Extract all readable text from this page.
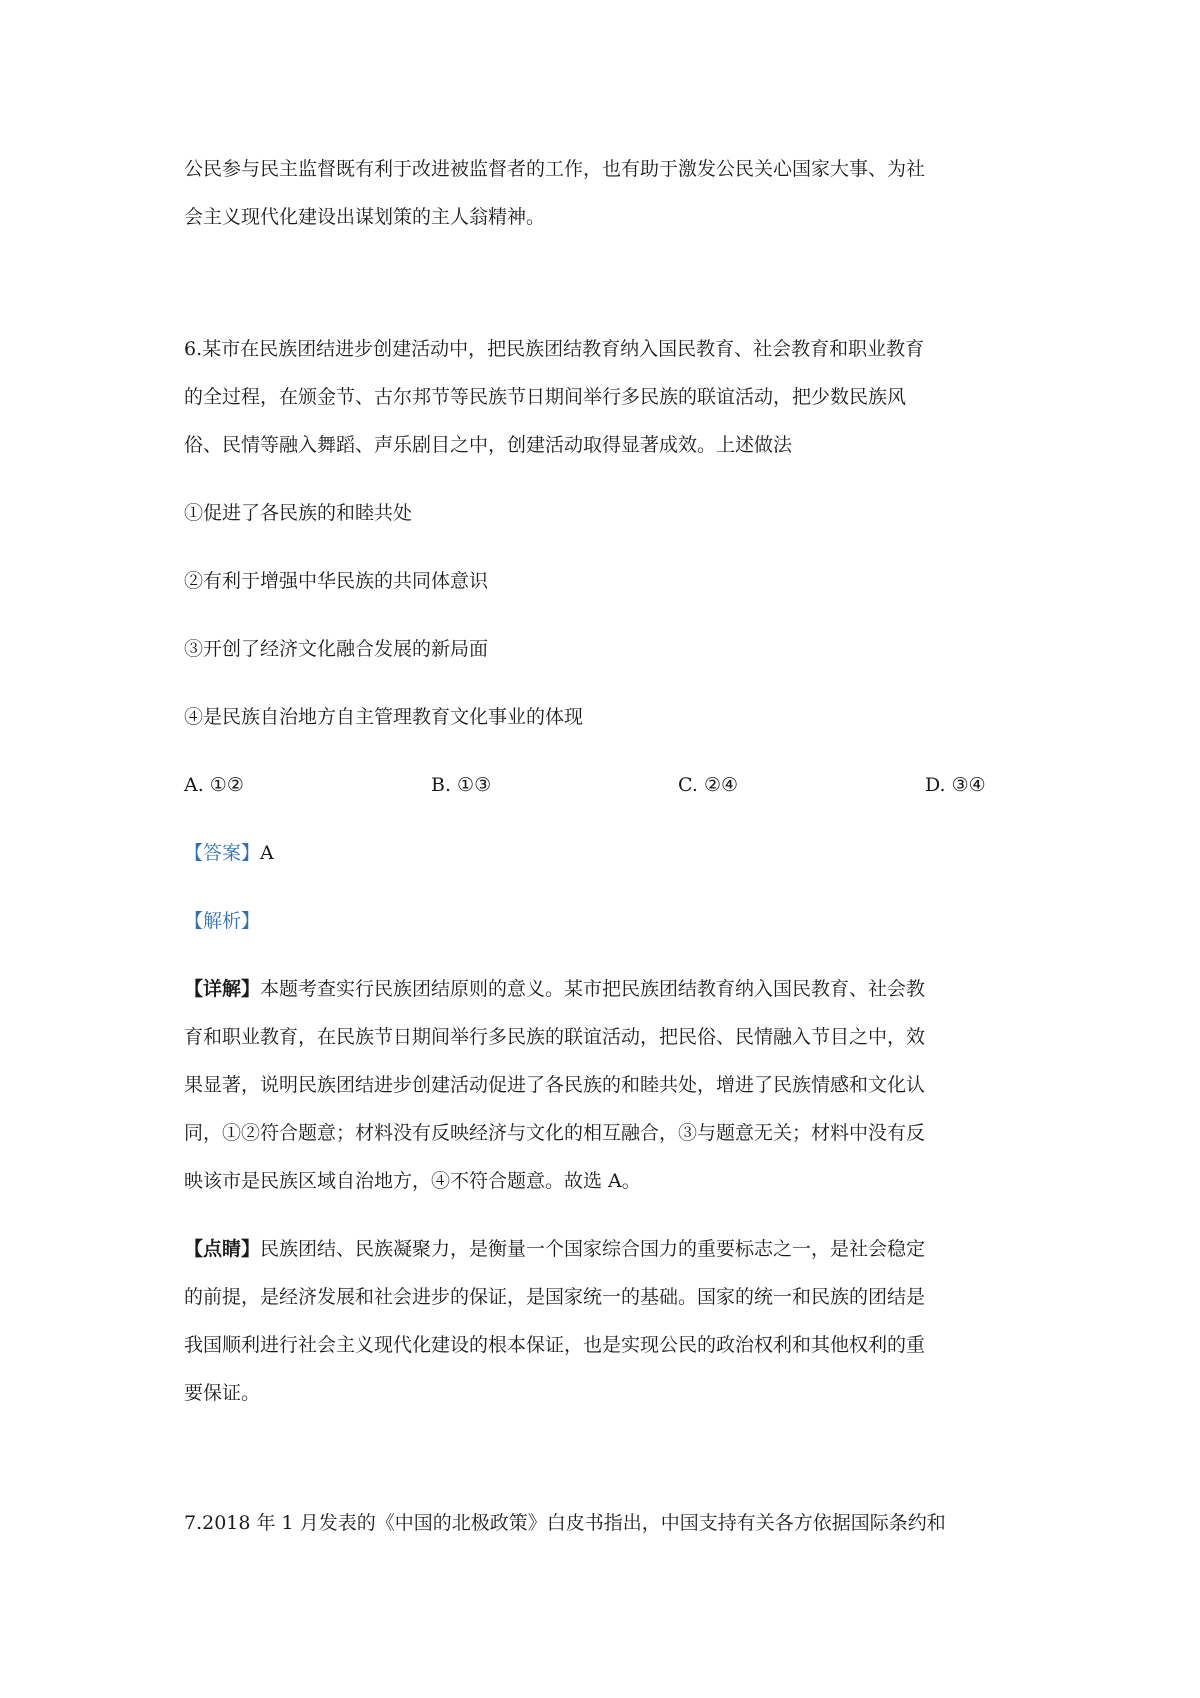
公民参与民主监督既有利于改进被监督者的工作，也有助于激发公民关心国家大事、为社
会主义现代化建设出谋划策的主人翁精神。
6.某市在民族团结进步创建活动中，把民族团结教育纳入国民教育、社会教育和职业教育
的全过程，在颁金节、古尔邦节等民族节日期间举行多民族的联谊活动，把少数民族风
俗、民情等融入舞蹈、声乐剧目之中，创建活动取得显著成效。上述做法
①促进了各民族的和睦共处
②有利于增强中华民族的共同体意识
③开创了经济文化融合发展的新局面
④是民族自治地方自主管理教育文化事业的体现
A. ①②	B. ①③	C. ②④	D. ③④
【答案】A
【解析】
【详解】本题考查实行民族团结原则的意义。某市把民族团结教育纳入国民教育、社会教
育和职业教育，在民族节日期间举行多民族的联谊活动，把民俗、民情融入节目之中，效
果显著，说明民族团结进步创建活动促进了各民族的和睦共处，增进了民族情感和文化认
同，①②符合题意；材料没有反映经济与文化的相互融合，③与题意无关；材料中没有反
映该市是民族区域自治地方，④不符合题意。故选 A。
【点睛】民族团结、民族凝聚力，是衡量一个国家综合国力的重要标志之一，是社会稳定
的前提，是经济发展和社会进步的保证，是国家统一的基础。国家的统一和民族的团结是
我国顺利进行社会主义现代化建设的根本保证，也是实现公民的政治权利和其他权利的重
要保证。
7.2018 年 1 月发表的《中国的北极政策》白皮书指出，中国支持有关各方依据国际条约和
